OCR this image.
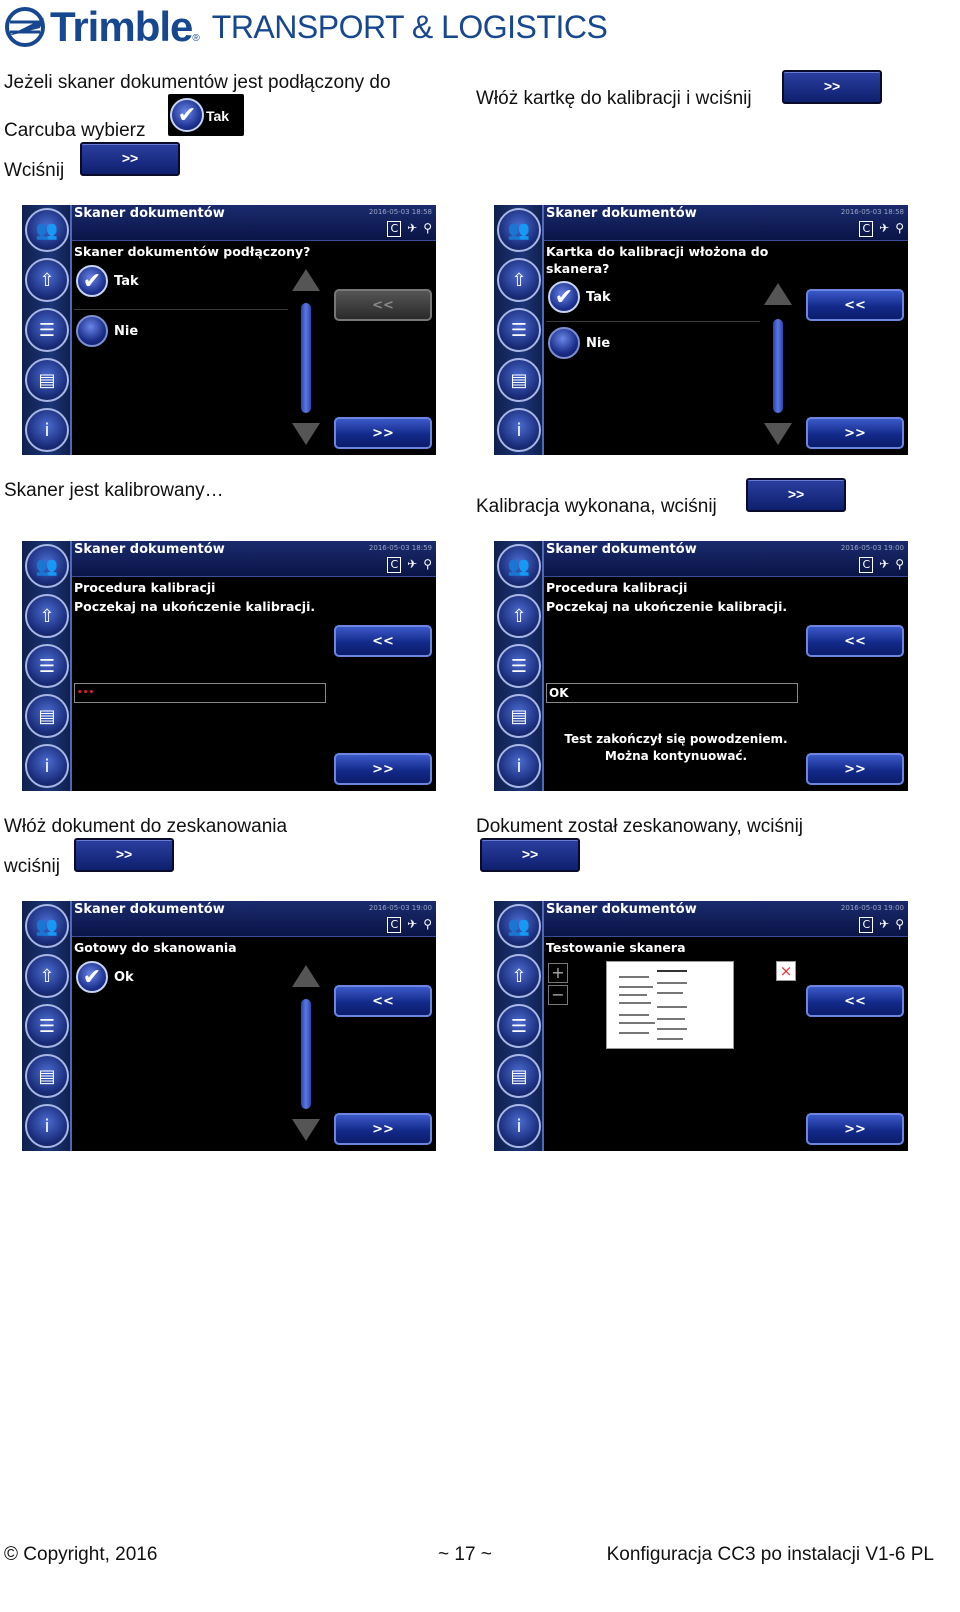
Trimble ® TRANSPORT & LOGISTICS
Jeżeli skaner dokumentów jest podłączony do
Carcuba wybierz
✔ Tak
Wciśnij
>>
Włóż kartkę do kalibracji i wciśnij
>>
👥
⇧
☰
▤
i
Skaner dokumentów	2016-05-03 18:58
C ✈ ⚲
Skaner dokumentów podłączony?
✔ Tak
Nie
<<
>>
👥
⇧
☰
▤
i
Skaner dokumentów	2016-05-03 18:58
C ✈ ⚲
Kartka do kalibracji włożona do
skanera?
✔ Tak
Nie
<<
>>
Skaner jest kalibrowany…
Kalibracja wykonana, wciśnij
>>
👥
⇧
☰
▤
i
Skaner dokumentów	2016-05-03 18:59
C ✈ ⚲
Procedura kalibracji
Poczekaj na ukończenie kalibracji.
•••
<<
>>
👥
⇧
☰
▤
i
Skaner dokumentów	2016-05-03 19:00
C ✈ ⚲
Procedura kalibracji
Poczekaj na ukończenie kalibracji.
OK
Test zakończył się powodzeniem.
Można kontynuować.
<<
>>
Włóż dokument do zeskanowania
wciśnij
>>
Dokument został zeskanowany, wciśnij
>>
👥
⇧
☰
▤
i
Skaner dokumentów	2016-05-03 19:00
C ✈ ⚲
Gotowy do skanowania
✔ Ok
<<
>>
👥
⇧
☰
▤
i
Skaner dokumentów	2016-05-03 19:00
C ✈ ⚲
Testowanie skanera
+
−
×
<<
>>
© Copyright, 2016	~ 17 ~	Konfiguracja CC3 po instalacji V1-6 PL
